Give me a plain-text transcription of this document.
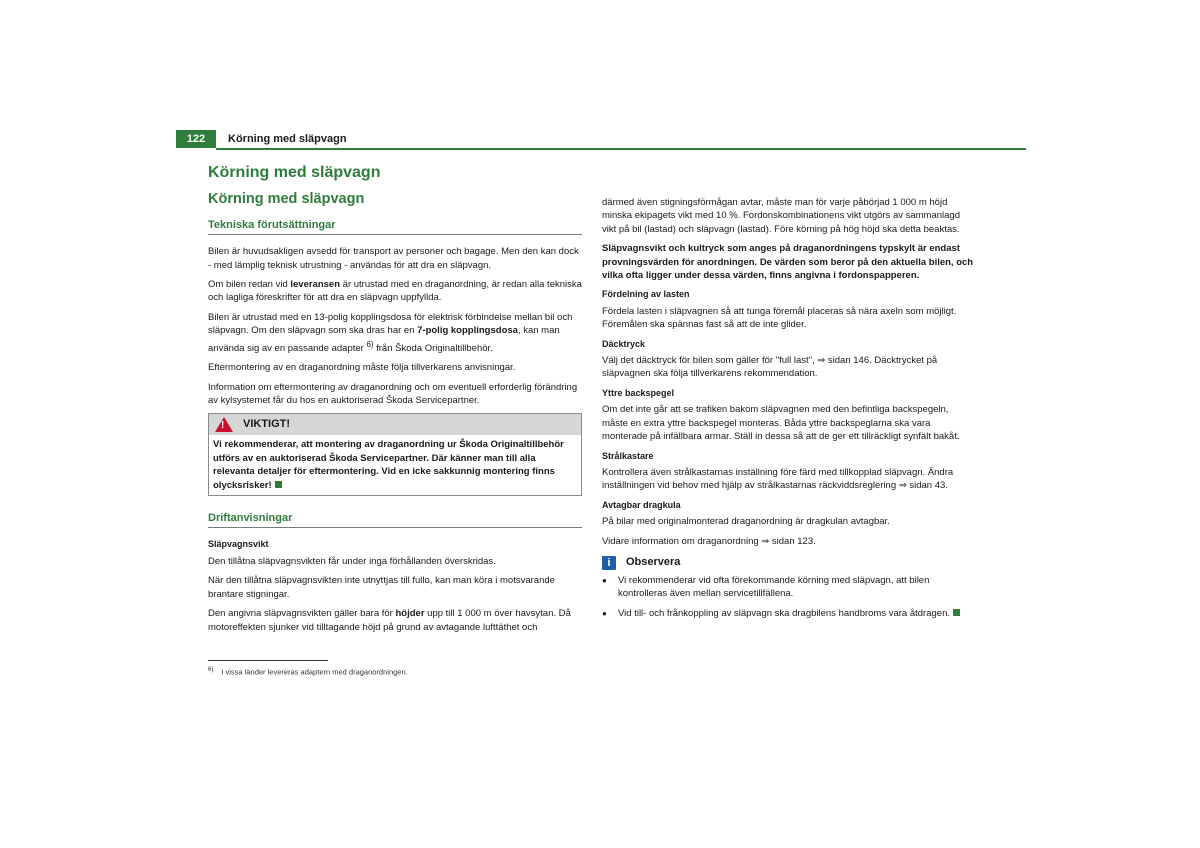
122	Körning med släpvagn
Körning med släpvagn
Körning med släpvagn
Tekniska förutsättningar

Bilen är huvudsakligen avsedd för transport av personer och bagage. Men den kan dock - med lämplig teknisk utrustning - användas för att dra en släpvagn.

Om bilen redan vid leveransen är utrustad med en draganordning, är redan alla tekniska och lagliga föreskrifter för att dra en släpvagn uppfyllda.

Bilen är utrustad med en 13-polig kopplingsdosa för elektrisk förbindelse mellan bil och släpvagn. Om den släpvagn som ska dras har en 7-polig kopplingsdosa, kan man använda sig av en passande adapter $^{6)}$ från Škoda Originaltillbehör.

Eftermontering av en draganordning måste följa tillverkarens anvisningar.

Information om eftermontering av draganordning och om eventuell erforderlig förändring av kylsystemet får du hos en auktoriserad Škoda Servicepartner.

! VIKTIGT!
Vi rekommenderar, att montering av draganordning ur Škoda Originaltillbehör utförs av en auktoriserad Škoda Servicepartner. Där känner man till alla relevanta detaljer för eftermontering. Vid en icke sakkunnig montering finns olycksrisker!
Driftanvisningar

Släpvagnsvikt

Den tillåtna släpvagnsvikten får under inga förhållanden överskridas.

När den tillåtna släpvagnsvikten inte utnyttjas till fullo, kan man köra i motsvarande brantare stigningar.

Den angivna släpvagnsvikten gäller bara för höjder upp till 1 000 m över havsytan. Då motoreffekten sjunker vid tilltagande höjd på grund av avtagande lufttäthet och

därmed även stigningsförmågan avtar, måste man för varje påbörjad 1 000 m höjd minska ekipagets vikt med 10 %. Fordonskombinationens vikt utgörs av sammanlagd vikt på bil (lastad) och släpvagn (lastad). Före körning på hög höjd ska detta beaktas.

Släpvagnsvikt och kultryck som anges på draganordningens typskylt är endast provningsvärden för anordningen. De värden som beror på den aktuella bilen, och vilka ofta ligger under dessa värden, finns angivna i fordonspapperen.

Fördelning av lasten

Fördela lasten i släpvagnen så att tunga föremål placeras så nära axeln som möjligt. Föremålen ska spännas fast så att de inte glider.

Däcktryck

Välj det däcktryck för bilen som gäller för "full last", ⇒ sidan 146. Däcktrycket på släpvagnen ska följa tillverkarens rekommendation.

Yttre backspegel

Om det inte går att se trafiken bakom släpvagnen med den befintliga backspegeln, måste en extra yttre backspegel monteras. Båda yttre backspeglarna ska vara monterade på infällbara armar. Ställ in dessa så att de ger ett tillräckligt synfält bakåt.

Strålkastare

Kontrollera även strålkastarnas inställning före färd med tillkopplad släpvagn. Ändra inställningen vid behov med hjälp av strålkastarnas räckviddsreglering ⇒ sidan 43.

Avtagbar dragkula

På bilar med originalmonterad draganordning är dragkulan avtagbar.

Vidare information om draganordning ⇒ sidan 123.

i	Observera

● Vi rekommenderar vid ofta förekommande körning med släpvagn, att bilen kontrolleras även mellan servicetillfällena.

● Vid till- och frånkoppling av släpvagn ska dragbilens handbroms vara åtdragen.

$^{6)}$ I vissa länder levereras adaptern med draganordningen.
